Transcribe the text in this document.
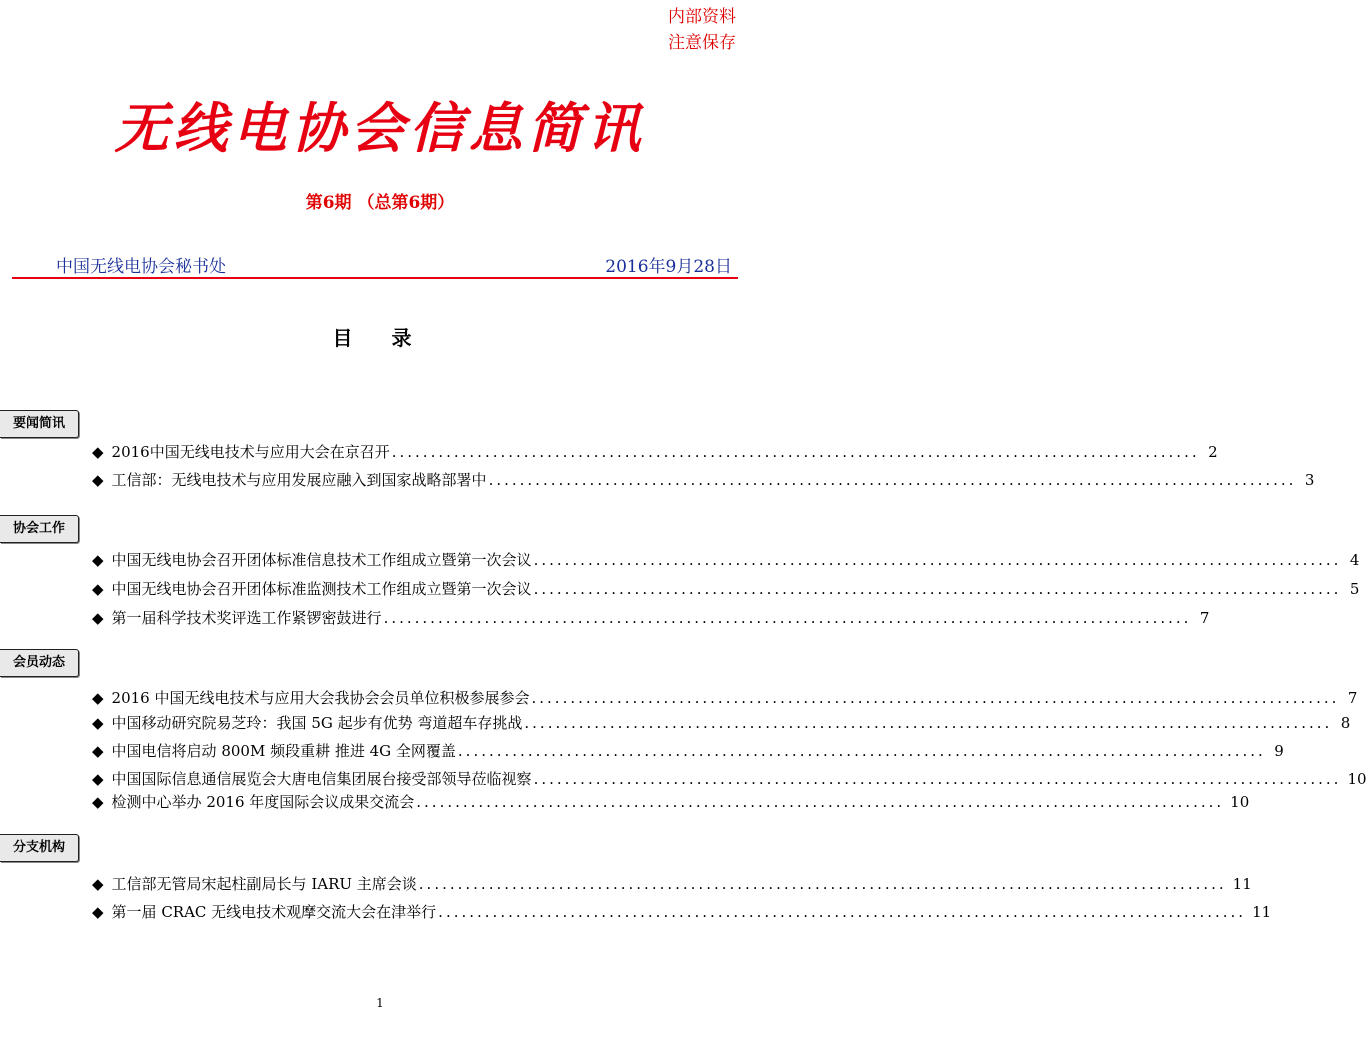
内部资料
注意保存
无线电协会信息简讯
第6期 （总第6期）
中国无线电协会秘书处	2016年9月28日
目 录
要闻简讯
◆ 2016中国无线电技术与应用大会在京召开 ........................................................................................................ 2
◆ 工信部：无线电技术与应用发展应融入到国家战略部署中 ........................................................................................................ 3
协会工作
◆ 中国无线电协会召开团体标准信息技术工作组成立暨第一次会议 ........................................................................................................ 4
◆ 中国无线电协会召开团体标准监测技术工作组成立暨第一次会议 ........................................................................................................ 5
◆ 第一届科学技术奖评选工作紧锣密鼓进行 ........................................................................................................ 7
会员动态
◆ 2016 中国无线电技术与应用大会我协会会员单位积极参展参会 ........................................................................................................ 7
◆ 中国移动研究院易芝玲：我国 5G 起步有优势 弯道超车存挑战 ........................................................................................................ 8
◆ 中国电信将启动 800M 频段重耕 推进 4G 全网覆盖 ........................................................................................................ 9
◆ 中国国际信息通信展览会大唐电信集团展台接受部领导莅临视察 ........................................................................................................ 10
◆ 检测中心举办 2016 年度国际会议成果交流会 ........................................................................................................ 10
分支机构
◆ 工信部无管局宋起柱副局长与 IARU 主席会谈 ........................................................................................................ 11
◆ 第一届 CRAC 无线电技术观摩交流大会在津举行 ........................................................................................................ 11
1
